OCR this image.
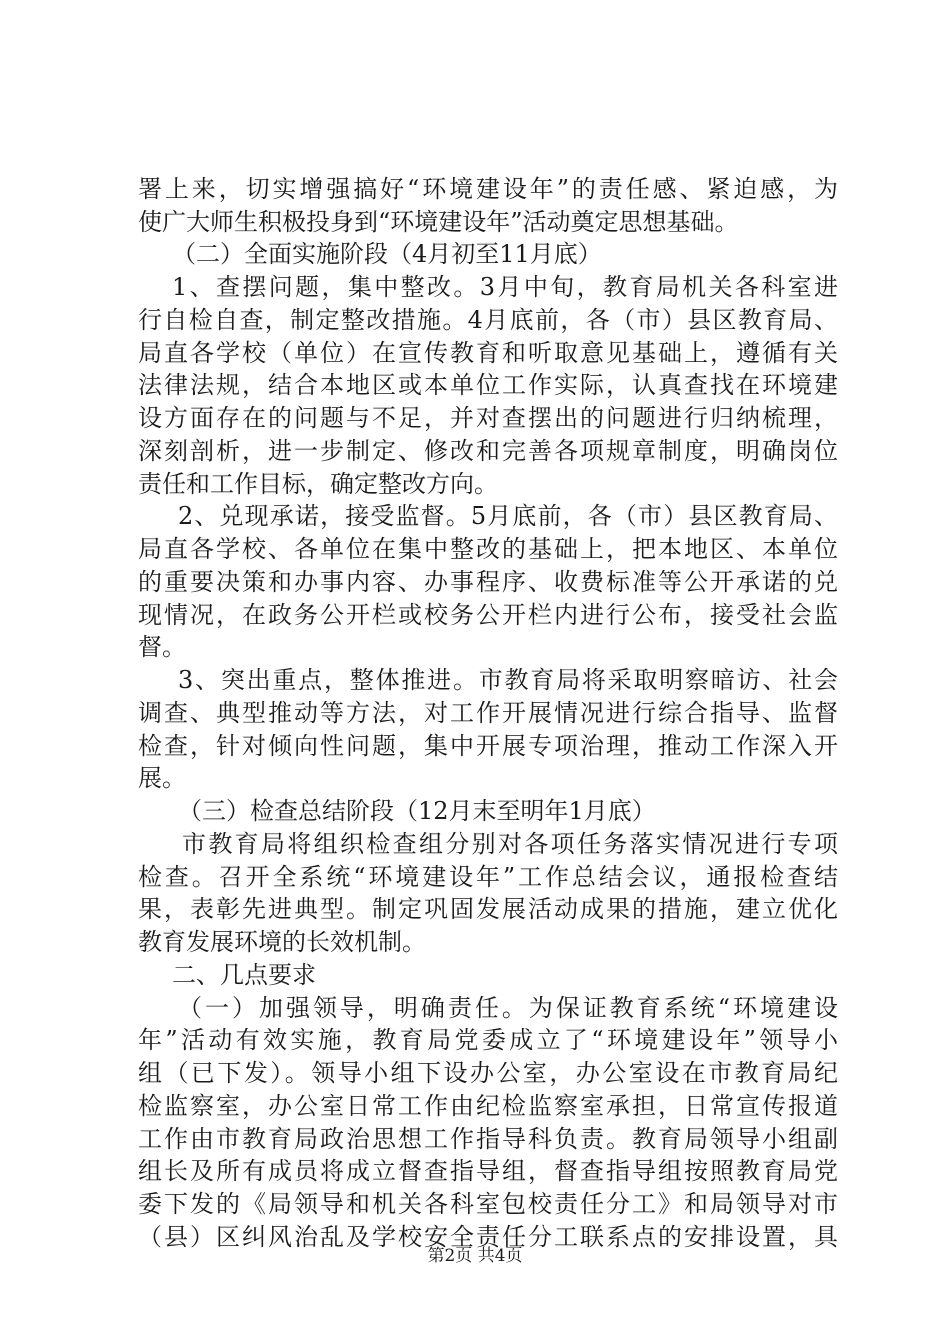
署上来，切实增强搞好“环境建设年”的责任感、紧迫感，为
使广大师生积极投身到“环境建设年”活动奠定思想基础。
（二）全面实施阶段（4月初至11月底）
1、查摆问题，集中整改。3月中旬，教育局机关各科室进
行自检自查，制定整改措施。4月底前，各（市）县区教育局、
局直各学校（单位）在宣传教育和听取意见基础上，遵循有关
法律法规，结合本地区或本单位工作实际，认真查找在环境建
设方面存在的问题与不足，并对查摆出的问题进行归纳梳理，
深刻剖析，进一步制定、修改和完善各项规章制度，明确岗位
责任和工作目标，确定整改方向。
2、兑现承诺，接受监督。5月底前，各（市）县区教育局、
局直各学校、各单位在集中整改的基础上，把本地区、本单位
的重要决策和办事内容、办事程序、收费标准等公开承诺的兑
现情况，在政务公开栏或校务公开栏内进行公布，接受社会监
督。
3、突出重点，整体推进。市教育局将采取明察暗访、社会
调查、典型推动等方法，对工作开展情况进行综合指导、监督
检查，针对倾向性问题，集中开展专项治理，推动工作深入开
展。
（三）检查总结阶段（12月末至明年1月底）
市教育局将组织检查组分别对各项任务落实情况进行专项
检查。召开全系统“环境建设年”工作总结会议，通报检查结
果，表彰先进典型。制定巩固发展活动成果的措施，建立优化
教育发展环境的长效机制。
二、几点要求
（一）加强领导，明确责任。为保证教育系统“环境建设
年”活动有效实施，教育局党委成立了“环境建设年”领导小
组（已下发）。领导小组下设办公室，办公室设在市教育局纪
检监察室，办公室日常工作由纪检监察室承担，日常宣传报道
工作由市教育局政治思想工作指导科负责。教育局领导小组副
组长及所有成员将成立督查指导组，督查指导组按照教育局党
委下发的《局领导和机关各科室包校责任分工》和局领导对市
（县）区纠风治乱及学校安全责任分工联系点的安排设置，具
第2页 共4页
